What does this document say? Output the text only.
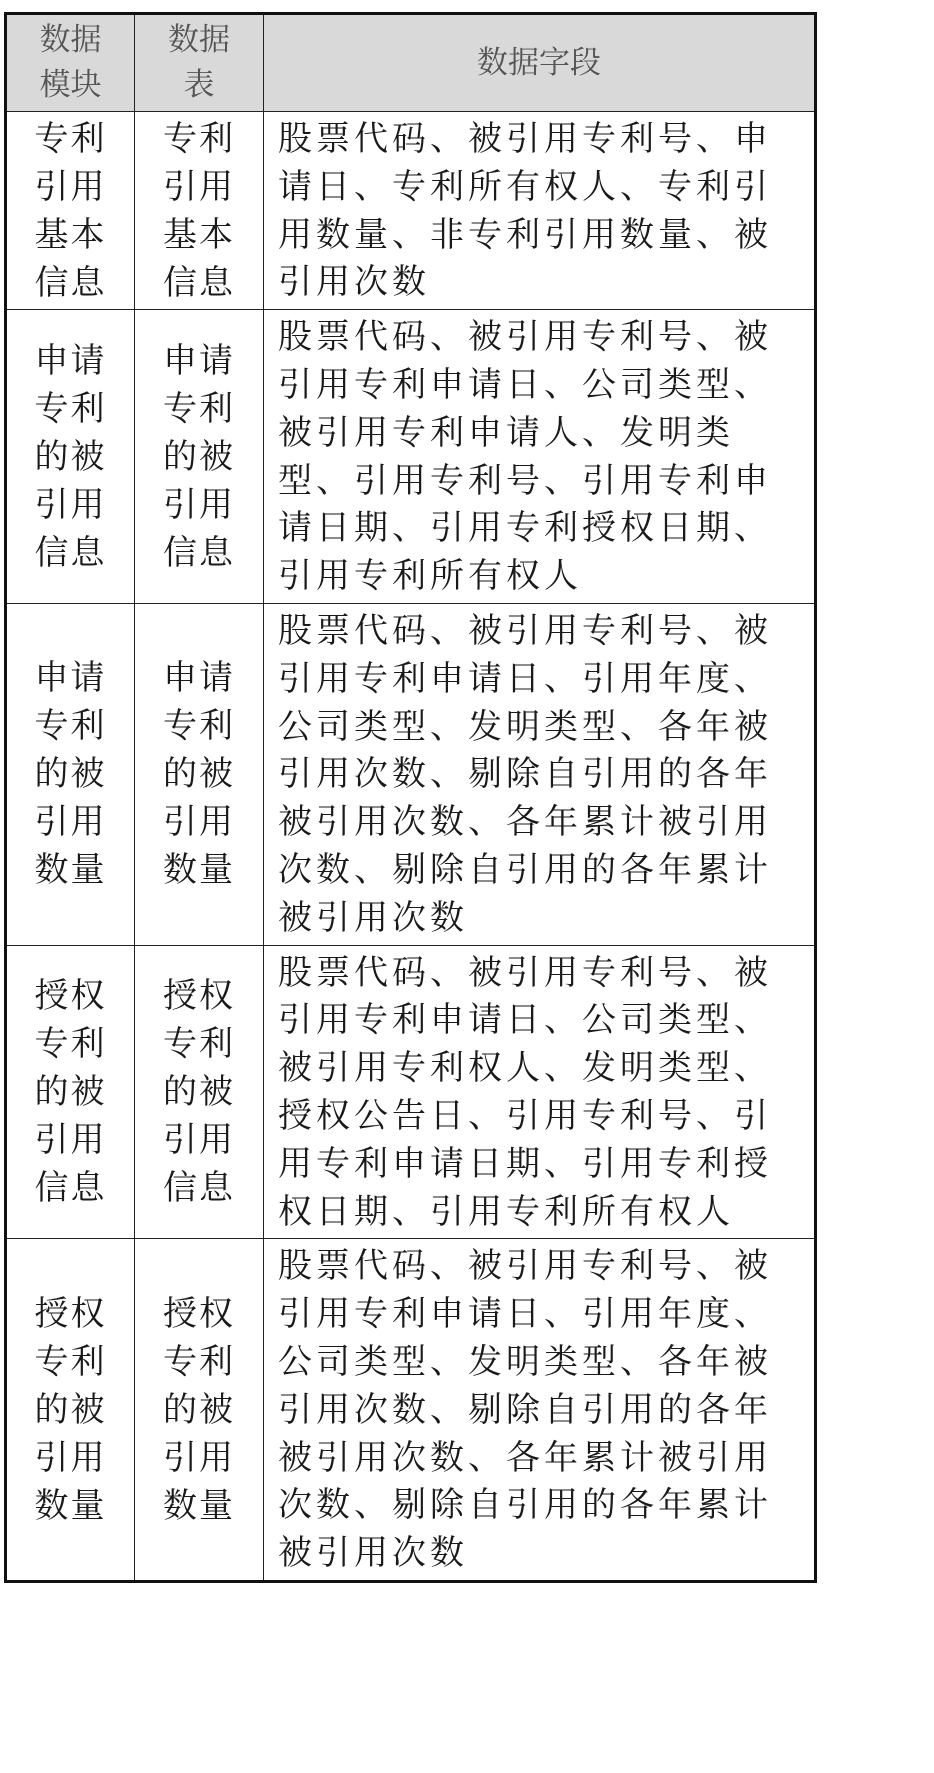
数据模块	数据表	数据字段
专利引用基本信息	专利引用基本信息	股票代码、被引用专利号、申请日、专利所有权人、专利引用数量、非专利引用数量、被引用次数
申请专利的被引用信息	申请专利的被引用信息	股票代码、被引用专利号、被引用专利申请日、公司类型、被引用专利申请人、发明类型、引用专利号、引用专利申请日期、引用专利授权日期、引用专利所有权人
申请专利的被引用数量	申请专利的被引用数量	股票代码、被引用专利号、被引用专利申请日、引用年度、公司类型、发明类型、各年被引用次数、剔除自引用的各年被引用次数、各年累计被引用次数、剔除自引用的各年累计被引用次数
授权专利的被引用信息	授权专利的被引用信息	股票代码、被引用专利号、被引用专利申请日、公司类型、被引用专利权人、发明类型、授权公告日、引用专利号、引用专利申请日期、引用专利授权日期、引用专利所有权人
授权专利的被引用数量	授权专利的被引用数量	股票代码、被引用专利号、被引用专利申请日、引用年度、公司类型、发明类型、各年被引用次数、剔除自引用的各年被引用次数、各年累计被引用次数、剔除自引用的各年累计被引用次数
